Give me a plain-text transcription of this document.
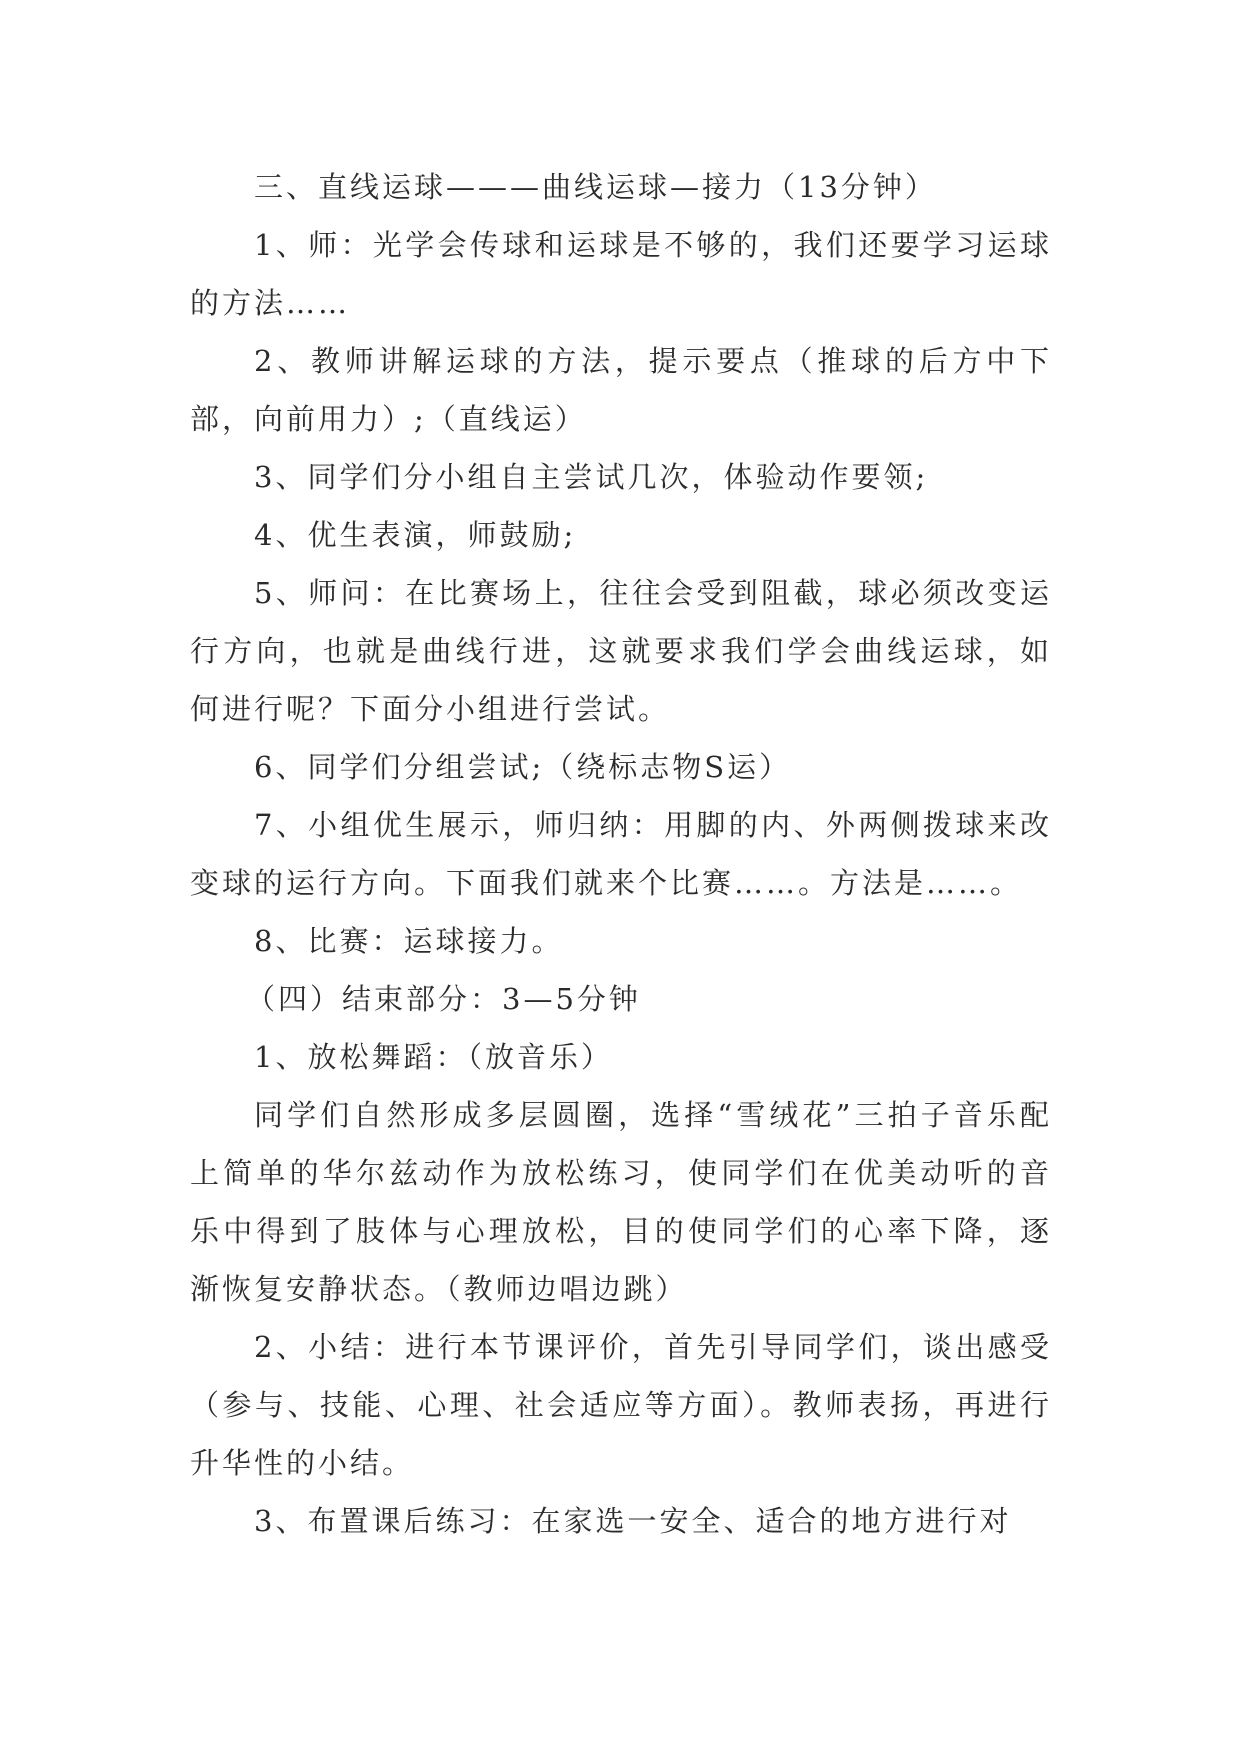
三、直线运球———曲线运球—接力（13分钟）

1、师：光学会传球和运球是不够的，我们还要学习运球的方法……

2、教师讲解运球的方法，提示要点（推球的后方中下部，向前用力）;（直线运）

3、同学们分小组自主尝试几次，体验动作要领;

4、优生表演，师鼓励;

5、师问：在比赛场上，往往会受到阻截，球必须改变运行方向，也就是曲线行进，这就要求我们学会曲线运球，如何进行呢？下面分小组进行尝试。

6、同学们分组尝试;（绕标志物S运）

7、小组优生展示，师归纳：用脚的内、外两侧拨球来改变球的运行方向。下面我们就来个比赛……。方法是……。

8、比赛：运球接力。

（四）结束部分：3—5分钟

1、放松舞蹈：（放音乐）

同学们自然形成多层圆圈，选择“雪绒花”三拍子音乐配上简单的华尔兹动作为放松练习，使同学们在优美动听的音乐中得到了肢体与心理放松，目的使同学们的心率下降，逐渐恢复安静状态。（教师边唱边跳）

2、小结：进行本节课评价，首先引导同学们，谈出感受（参与、技能、心理、社会适应等方面）。教师表扬，再进行升华性的小结。

3、布置课后练习：在家选一安全、适合的地方进行对
